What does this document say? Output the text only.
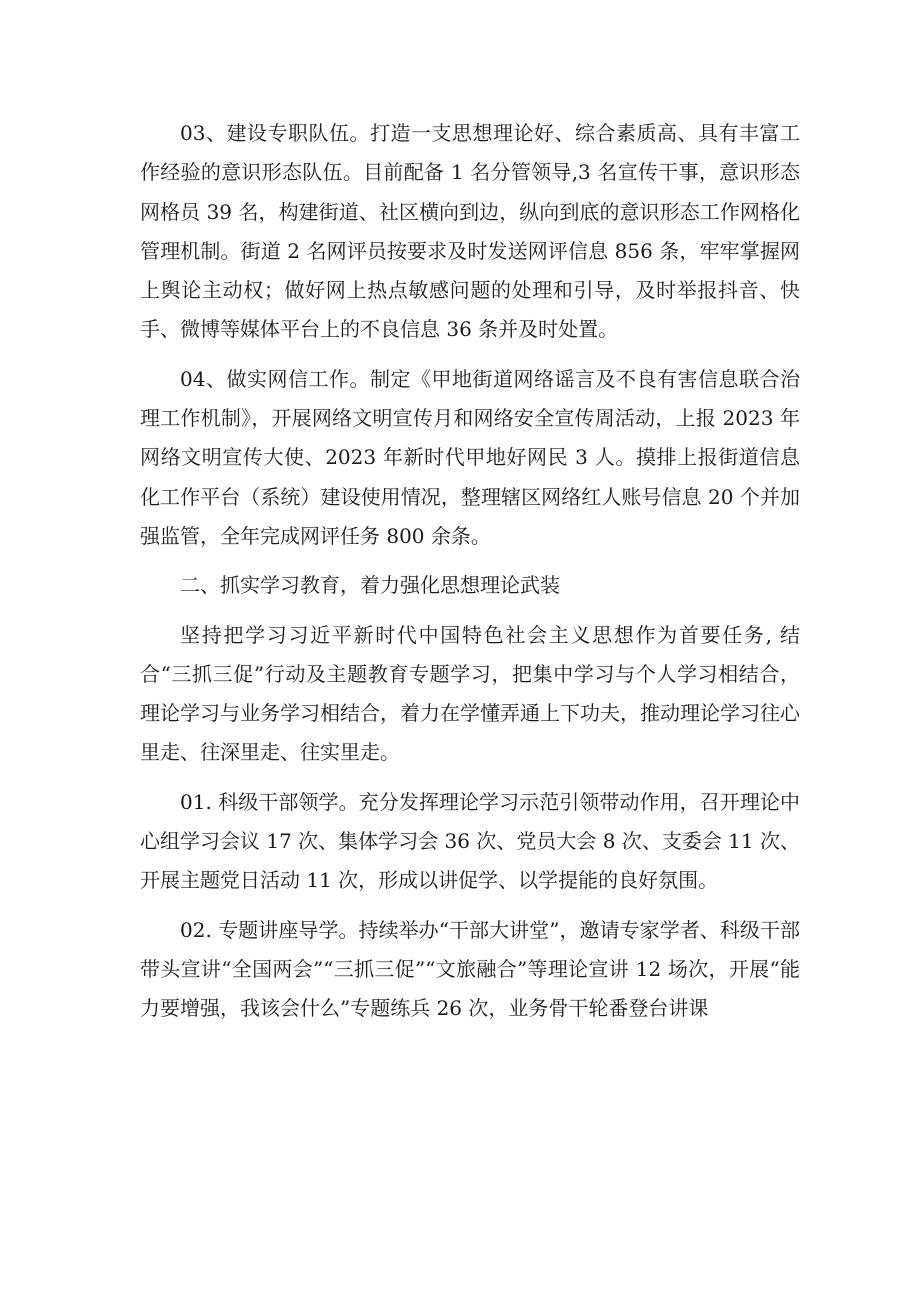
03、建设专职队伍。打造一支思想理论好、综合素质高、具有丰富工作经验的意识形态队伍。目前配备 1 名分管领导,3 名宣传干事，意识形态网格员 39 名，构建街道、社区横向到边，纵向到底的意识形态工作网格化管理机制。街道 2 名网评员按要求及时发送网评信息 856 条，牢牢掌握网上舆论主动权；做好网上热点敏感问题的处理和引导，及时举报抖音、快手、微博等媒体平台上的不良信息 36 条并及时处置。

04、做实网信工作。制定《甲地街道网络谣言及不良有害信息联合治理工作机制》，开展网络文明宣传月和网络安全宣传周活动，上报 2023 年网络文明宣传大使、2023 年新时代甲地好网民 3 人。摸排上报街道信息化工作平台（系统）建设使用情况，整理辖区网络红人账号信息 20 个并加强监管，全年完成网评任务 800 余条。

二、抓实学习教育，着力强化思想理论武装

坚持把学习习近平新时代中国特色社会主义思想作为首要任务, 结合“三抓三促”行动及主题教育专题学习，把集中学习与个人学习相结合，理论学习与业务学习相结合，着力在学懂弄通上下功夫，推动理论学习往心里走、往深里走、往实里走。

01. 科级干部领学。充分发挥理论学习示范引领带动作用，召开理论中心组学习会议 17 次、集体学习会 36 次、党员大会 8 次、支委会 11 次、开展主题党日活动 11 次，形成以讲促学、以学提能的良好氛围。

02. 专题讲座导学。持续举办“干部大讲堂”，邀请专家学者、科级干部带头宣讲“全国两会”“三抓三促”“文旅融合”等理论宣讲 12 场次，开展“能力要增强，我该会什么”专题练兵 26 次，业务骨干轮番登台讲课
